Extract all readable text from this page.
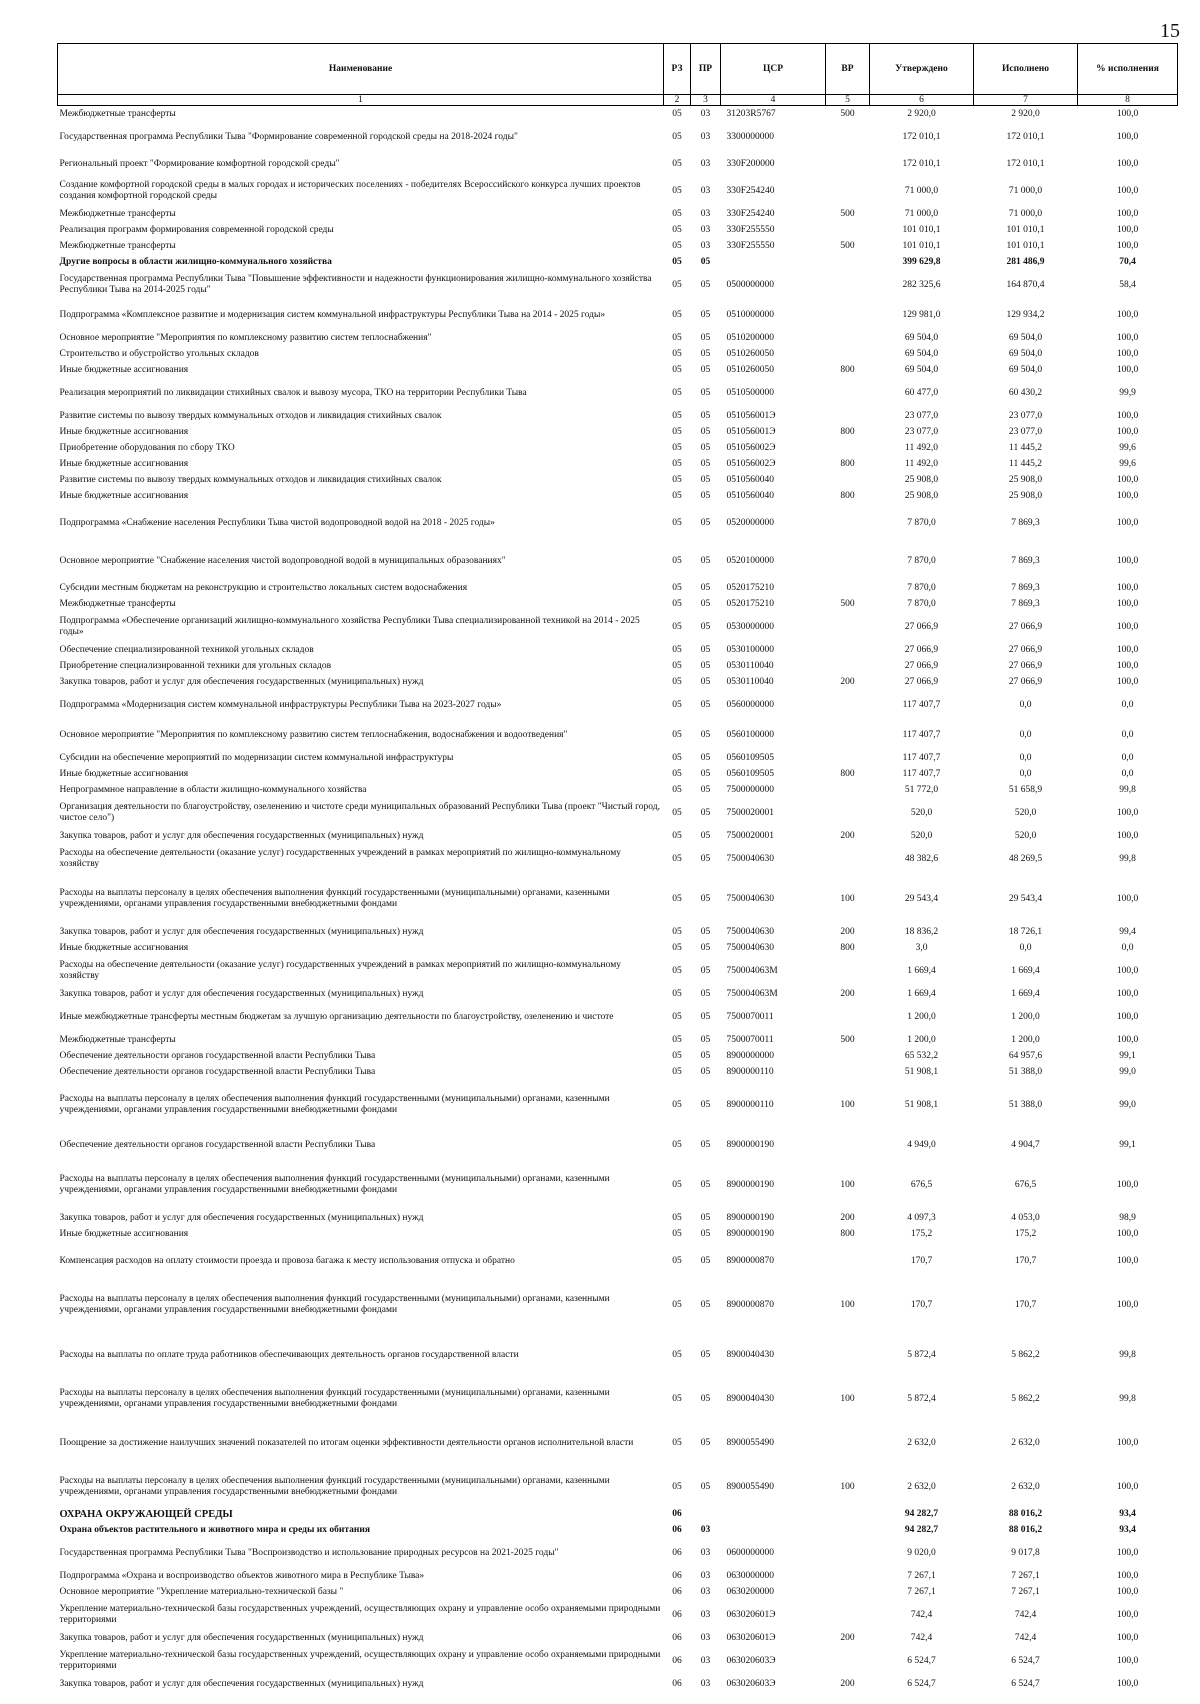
15
Наименование	РЗ	ПР	ЦСР	ВР	Утверждено	Исполнено	% исполнения
1	2	3	4	5	6	7	8
Межбюджетные трансферты	05	03	31203R5767	500	2 920,0	2 920,0	100,0
Государственная программа Республики Тыва "Формирование современной городской среды на 2018-2024 годы"	05	03	3300000000		172 010,1	172 010,1	100,0
Региональный проект "Формирование комфортной городской среды"	05	03	330F200000		172 010,1	172 010,1	100,0
Создание комфортной городской среды в малых городах и исторических поселениях - победителях Всероссийского конкурса лучших проектов создания комфортной городской среды	05	03	330F254240		71 000,0	71 000,0	100,0
Межбюджетные трансферты	05	03	330F254240	500	71 000,0	71 000,0	100,0
Реализация программ формирования современной городской среды	05	03	330F255550		101 010,1	101 010,1	100,0
Межбюджетные трансферты	05	03	330F255550	500	101 010,1	101 010,1	100,0
Другие вопросы в области жилищно-коммунального хозяйства	05	05			399 629,8	281 486,9	70,4
Государственная программа Республики Тыва "Повышение эффективности и надежности функционирования жилищно-коммунального хозяйства Республики Тыва на 2014-2025 годы"	05	05	0500000000		282 325,6	164 870,4	58,4
Подпрограмма «Комплексное развитие и модернизация систем коммунальной инфраструктуры Республики Тыва на 2014 - 2025 годы»	05	05	0510000000		129 981,0	129 934,2	100,0
Основное мероприятие "Мероприятия по комплексному развитию систем теплоснабжения"	05	05	0510200000		69 504,0	69 504,0	100,0
Строительство и обустройство угольных складов	05	05	0510260050		69 504,0	69 504,0	100,0
Иные бюджетные ассигнования	05	05	0510260050	800	69 504,0	69 504,0	100,0
Реализация мероприятий по ликвидации стихийных свалок и вывозу мусора, ТКО на территории Республики Тыва	05	05	0510500000		60 477,0	60 430,2	99,9
Развитие системы по вывозу твердых коммунальных отходов и ликвидация стихийных свалок	05	05	051056001Э		23 077,0	23 077,0	100,0
Иные бюджетные ассигнования	05	05	051056001Э	800	23 077,0	23 077,0	100,0
Приобретение оборудования по сбору ТКО	05	05	051056002Э		11 492,0	11 445,2	99,6
Иные бюджетные ассигнования	05	05	051056002Э	800	11 492,0	11 445,2	99,6
Развитие системы по вывозу твердых коммунальных отходов и ликвидация стихийных свалок	05	05	0510560040		25 908,0	25 908,0	100,0
Иные бюджетные ассигнования	05	05	0510560040	800	25 908,0	25 908,0	100,0
Подпрограмма «Снабжение населения Республики Тыва чистой водопроводной водой на 2018 - 2025 годы»	05	05	0520000000		7 870,0	7 869,3	100,0
Основное мероприятие "Снабжение населения чистой водопроводной водой в муниципальных образованиях"	05	05	0520100000		7 870,0	7 869,3	100,0
Субсидии местным бюджетам на реконструкцию и строительство локальных систем водоснабжения	05	05	0520175210		7 870,0	7 869,3	100,0
Межбюджетные трансферты	05	05	0520175210	500	7 870,0	7 869,3	100,0
Подпрограмма «Обеспечение организаций жилищно-коммунального хозяйства Республики Тыва специализированной техникой на 2014 - 2025 годы»	05	05	0530000000		27 066,9	27 066,9	100,0
Обеспечение специализированной техникой угольных складов	05	05	0530100000		27 066,9	27 066,9	100,0
Приобретение специализированной техники для угольных складов	05	05	0530110040		27 066,9	27 066,9	100,0
Закупка товаров, работ и услуг для обеспечения государственных (муниципальных) нужд	05	05	0530110040	200	27 066,9	27 066,9	100,0
Подпрограмма «Модернизация систем коммунальной инфраструктуры Республики Тыва на 2023-2027 годы»	05	05	0560000000		117 407,7	0,0	0,0
Основное мероприятие "Мероприятия по комплексному развитию систем теплоснабжения, водоснабжения и водоотведения"	05	05	0560100000		117 407,7	0,0	0,0
Субсидии на обеспечение мероприятий по модернизации систем коммунальной инфраструктуры	05	05	0560109505		117 407,7	0,0	0,0
Иные бюджетные ассигнования	05	05	0560109505	800	117 407,7	0,0	0,0
Непрограммное направление в области жилищно-коммунального хозяйства	05	05	7500000000		51 772,0	51 658,9	99,8
Организация деятельности по благоустройству, озеленению и чистоте среди муниципальных образований Республики Тыва (проект "Чистый город, чистое село")	05	05	7500020001		520,0	520,0	100,0
Закупка товаров, работ и услуг для обеспечения государственных (муниципальных) нужд	05	05	7500020001	200	520,0	520,0	100,0
Расходы на обеспечение деятельности (оказание услуг) государственных учреждений в рамках мероприятий по жилищно-коммунальному хозяйству	05	05	7500040630		48 382,6	48 269,5	99,8
Расходы на выплаты персоналу в целях обеспечения выполнения функций государственными (муниципальными) органами, казенными учреждениями, органами управления государственными внебюджетными фондами	05	05	7500040630	100	29 543,4	29 543,4	100,0
Закупка товаров, работ и услуг для обеспечения государственных (муниципальных) нужд	05	05	7500040630	200	18 836,2	18 726,1	99,4
Иные бюджетные ассигнования	05	05	7500040630	800	3,0	0,0	0,0
Расходы на обеспечение деятельности (оказание услуг) государственных учреждений в рамках мероприятий по жилищно-коммунальному хозяйству	05	05	750004063M		1 669,4	1 669,4	100,0
Закупка товаров, работ и услуг для обеспечения государственных (муниципальных) нужд	05	05	750004063M	200	1 669,4	1 669,4	100,0
Иные межбюджетные трансферты местным бюджетам за лучшую организацию деятельности по благоустройству, озеленению и чистоте	05	05	7500070011		1 200,0	1 200,0	100,0
Межбюджетные трансферты	05	05	7500070011	500	1 200,0	1 200,0	100,0
Обеспечение деятельности органов государственной власти Республики Тыва	05	05	8900000000		65 532,2	64 957,6	99,1
Обеспечение деятельности органов государственной власти Республики Тыва	05	05	8900000110		51 908,1	51 388,0	99,0
Расходы на выплаты персоналу в целях обеспечения выполнения функций государственными (муниципальными) органами, казенными учреждениями, органами управления государственными внебюджетными фондами	05	05	8900000110	100	51 908,1	51 388,0	99,0
Обеспечение деятельности органов государственной власти Республики Тыва	05	05	8900000190		4 949,0	4 904,7	99,1
Расходы на выплаты персоналу в целях обеспечения выполнения функций государственными (муниципальными) органами, казенными учреждениями, органами управления государственными внебюджетными фондами	05	05	8900000190	100	676,5	676,5	100,0
Закупка товаров, работ и услуг для обеспечения государственных (муниципальных) нужд	05	05	8900000190	200	4 097,3	4 053,0	98,9
Иные бюджетные ассигнования	05	05	8900000190	800	175,2	175,2	100,0
Компенсация расходов на оплату стоимости проезда и провоза багажа к месту использования отпуска и обратно	05	05	8900000870		170,7	170,7	100,0
Расходы на выплаты персоналу в целях обеспечения выполнения функций государственными (муниципальными) органами, казенными учреждениями, органами управления государственными внебюджетными фондами	05	05	8900000870	100	170,7	170,7	100,0
Расходы на выплаты по оплате труда работников обеспечивающих деятельность органов государственной власти	05	05	8900040430		5 872,4	5 862,2	99,8
Расходы на выплаты персоналу в целях обеспечения выполнения функций государственными (муниципальными) органами, казенными учреждениями, органами управления государственными внебюджетными фондами	05	05	8900040430	100	5 872,4	5 862,2	99,8
Поощрение за достижение наилучших значений показателей по итогам оценки эффективности деятельности органов исполнительной власти	05	05	8900055490		2 632,0	2 632,0	100,0
Расходы на выплаты персоналу в целях обеспечения выполнения функций государственными (муниципальными) органами, казенными учреждениями, органами управления государственными внебюджетными фондами	05	05	8900055490	100	2 632,0	2 632,0	100,0
ОХРАНА ОКРУЖАЮЩЕЙ СРЕДЫ	06				94 282,7	88 016,2	93,4
Охрана объектов растительного и животного мира и среды их обитания	06	03			94 282,7	88 016,2	93,4
Государственная программа Республики Тыва "Воспроизводство и использование природных ресурсов на 2021-2025 годы"	06	03	0600000000		9 020,0	9 017,8	100,0
Подпрограмма «Охрана и воспроизводство объектов животного мира в Республике Тыва»	06	03	0630000000		7 267,1	7 267,1	100,0
Основное мероприятие "Укрепление материально-технической базы "	06	03	0630200000		7 267,1	7 267,1	100,0
Укрепление материально-технической базы государственных учреждений, осуществляющих охрану и управление особо охраняемыми природными территориями	06	03	063020601Э		742,4	742,4	100,0
Закупка товаров, работ и услуг для обеспечения государственных (муниципальных) нужд	06	03	063020601Э	200	742,4	742,4	100,0
Укрепление материально-технической базы государственных учреждений, осуществляющих охрану и управление особо охраняемыми природными территориями	06	03	063020603Э		6 524,7	6 524,7	100,0
Закупка товаров, работ и услуг для обеспечения государственных (муниципальных) нужд	06	03	063020603Э	200	6 524,7	6 524,7	100,0
